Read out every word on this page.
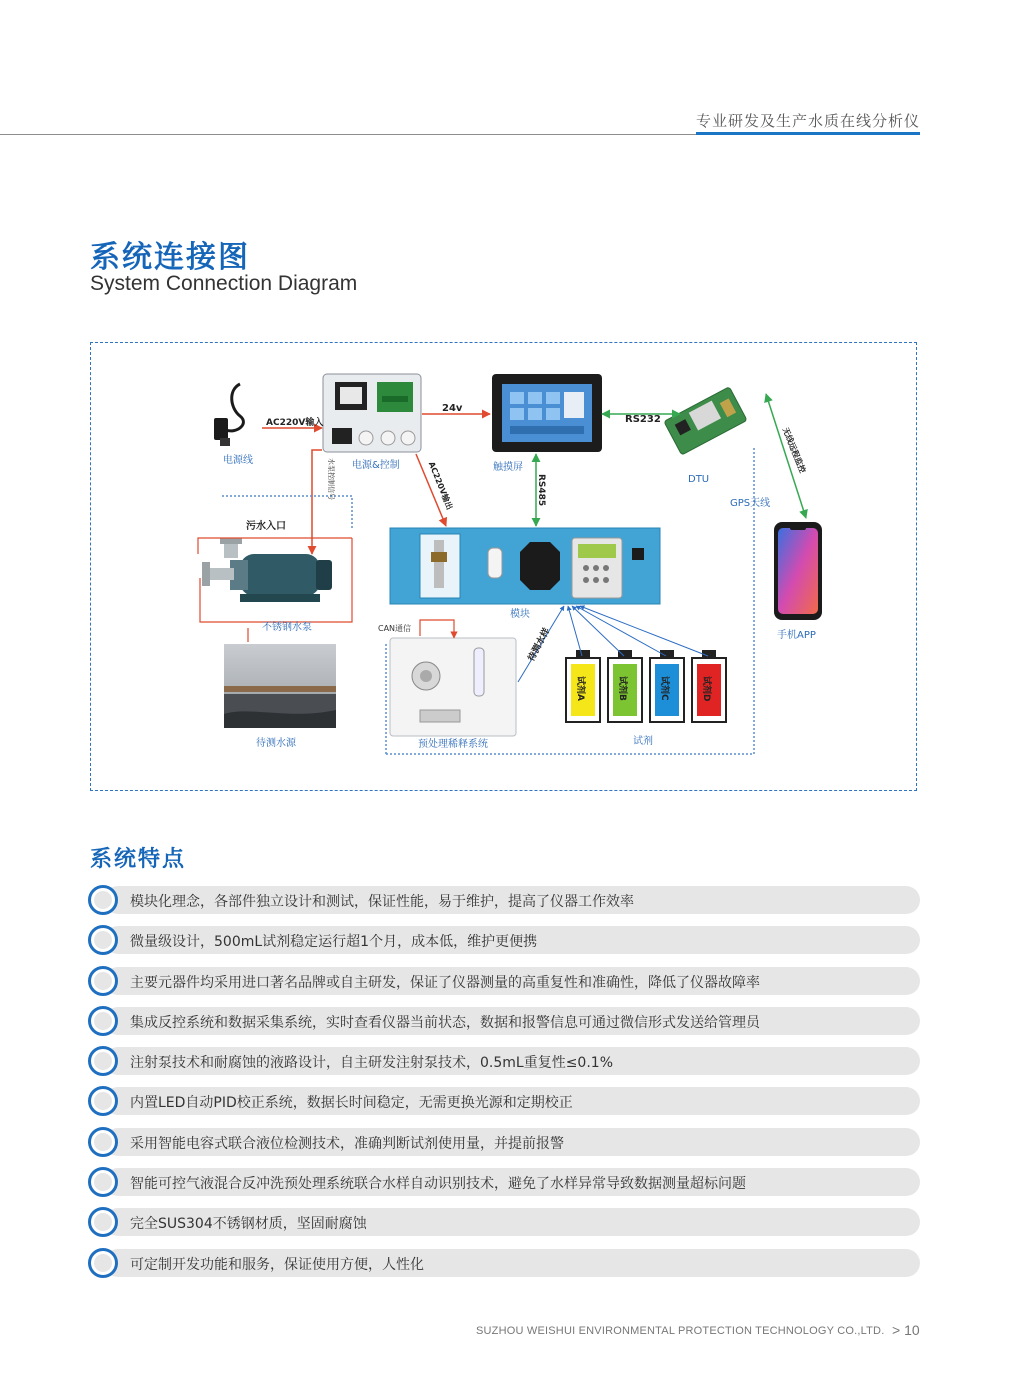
专业研发及生产水质在线分析仪
系统连接图
System Connection Diagram
电源线
AC220V输入
电源&控制
24v
触摸屏
RS232
DTU
GPS天线
无线远程监控
RS485
AC220V输出
水泵控制信号
污水入口
不锈钢水泵
待测水源
模块
CAN通信	待测水样
预处理稀释系统	试剂
手机APP
试剂A	试剂B	试剂C	试剂D
系统特点
模块化理念，各部件独立设计和测试，保证性能，易于维护，提高了仪器工作效率
微量级设计，500mL试剂稳定运行超1个月，成本低，维护更便携
主要元器件均采用进口著名品牌或自主研发，保证了仪器测量的高重复性和准确性，降低了仪器故障率
集成反控系统和数据采集系统，实时查看仪器当前状态，数据和报警信息可通过微信形式发送给管理员
注射泵技术和耐腐蚀的液路设计，自主研发注射泵技术，0.5mL重复性≤0.1%
内置LED自动PID校正系统，数据长时间稳定，无需更换光源和定期校正
采用智能电容式联合液位检测技术，准确判断试剂使用量，并提前报警
智能可控气液混合反冲洗预处理系统联合水样自动识别技术，避免了水样异常导致数据测量超标问题
完全SUS304不锈钢材质，坚固耐腐蚀
可定制开发功能和服务，保证使用方便，人性化
SUZHOU WEISHUI ENVIRONMENTAL PROTECTION TECHNOLOGY CO.,LTD. > 10
